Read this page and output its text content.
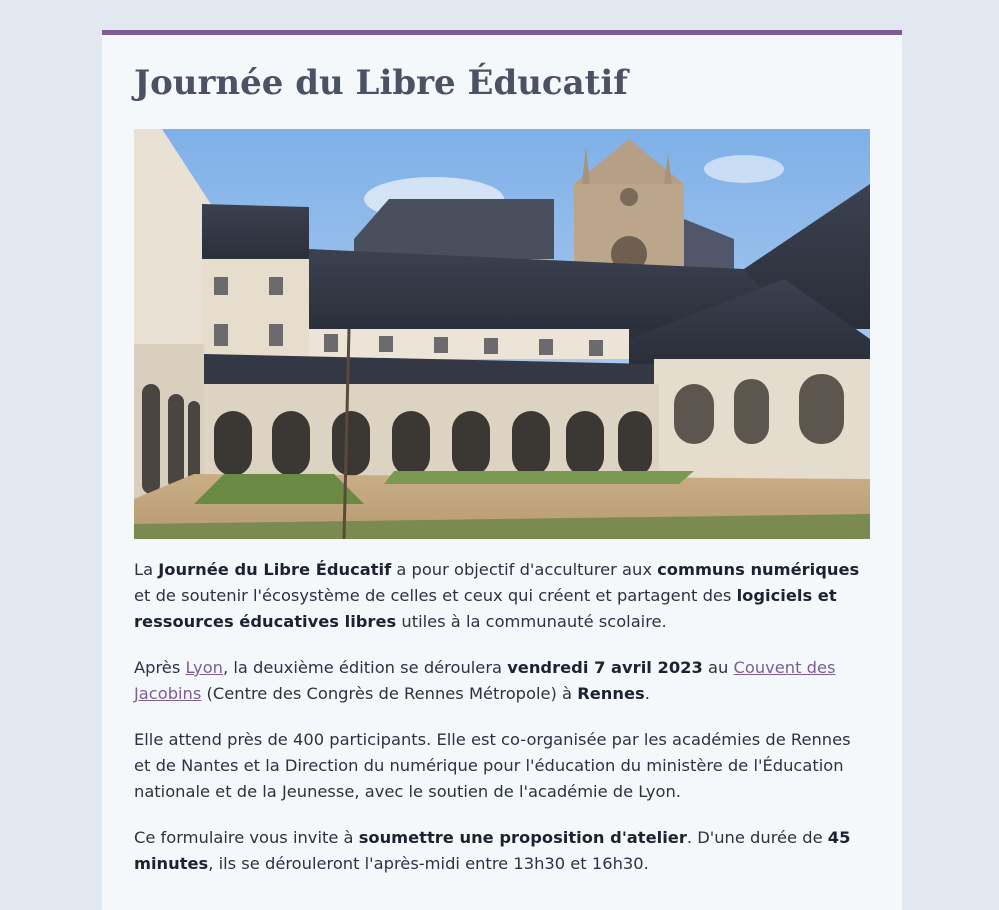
Journée du Libre Éducatif

La Journée du Libre Éducatif a pour objectif d'acculturer aux communs numériques et de soutenir l'écosystème de celles et ceux qui créent et partagent des logiciels et ressources éducatives libres utiles à la communauté scolaire.

Après Lyon, la deuxième édition se déroulera vendredi 7 avril 2023 au Couvent des Jacobins (Centre des Congrès de Rennes Métropole) à Rennes.

Elle attend près de 400 participants. Elle est co-organisée par les académies de Rennes et de Nantes et la Direction du numérique pour l'éducation du ministère de l'Éducation nationale et de la Jeunesse, avec le soutien de l'académie de Lyon.

Ce formulaire vous invite à soumettre une proposition d'atelier. D'une durée de 45 minutes, ils se dérouleront l'après-midi entre 13h30 et 16h30.
